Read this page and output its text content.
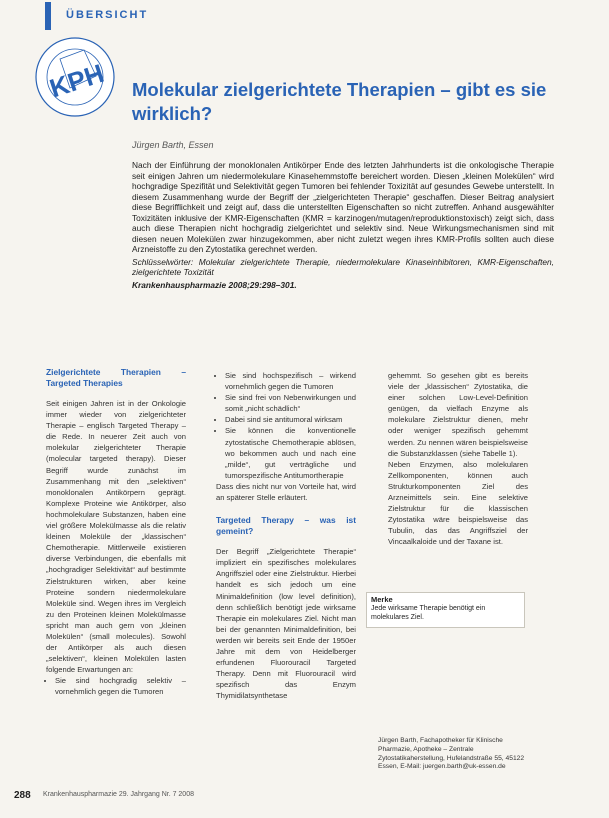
ÜBERSICHT
KPH Molekular zielgerichtete Therapien – gibt es sie wirklich?
Jürgen Barth, Essen

Nach der Einführung der monoklonalen Antikörper Ende des letzten Jahrhunderts ist die onkologische Therapie seit einigen Jahren um niedermolekulare Kinasehemmstoffe bereichert worden. Diesen „kleinen Molekülen“ wird hochgradige Spezifität und Selektivität gegen Tumoren bei fehlender Toxizität auf gesundes Gewebe unterstellt. In diesem Zusammenhang wurde der Begriff der „zielgerichteten Therapie“ geschaffen. Dieser Beitrag analysiert diese Begrifflichkeit und zeigt auf, dass die unterstellten Eigenschaften so nicht zutreffen. Anhand ausgewählter Toxizitäten inklusive der KMR-Eigenschaften (KMR = karzinogen/mutagen/reproduktionstoxisch) zeigt sich, dass auch diese Therapien nicht hochgradig zielgerichtet und selektiv sind. Neue Wirkungsmechanismen sind mit diesen neuen Molekülen zwar hinzugekommen, aber nicht zuletzt wegen ihres KMR-Profils sollten auch diese Arzneistoffe zu den Zytostatika gerechnet werden.

Schlüsselwörter: Molekular zielgerichtete Therapie, niedermolekulare Kinaseinhibitoren, KMR-Eigenschaften, zielgerichtete Toxizität

Krankenhauspharmazie 2008;29:298–301.

Zielgerichtete Therapien – Targeted Therapies

Seit einigen Jahren ist in der Onkologie immer wieder von zielgerichteter Therapie – englisch Targeted Therapy – die Rede. In neuerer Zeit auch von molekular zielgerichteter Therapie (molecular targeted therapy). Dieser Begriff wurde zunächst im Zusammenhang mit den „selektiven“ monoklonalen Antikörpern geprägt. Komplexe Proteine wie Antikörper, also hochmolekulare Substanzen, haben eine viel größere Molekülmasse als die relativ kleinen Moleküle der „klassischen“ Chemotherapie. Mittlerweile existieren diverse Verbindungen, die ebenfalls mit „hochgradiger Selektivität“ auf bestimmte Zielstrukturen wirken, aber keine Proteine sondern niedermolekulare Moleküle sind. Wegen ihres im Vergleich zu den Proteinen kleinen Molekülmasse spricht man auch gern von „kleinen Molekülen“ (small molecules). Sowohl der Antikörper als auch diesen „selektiven“, kleinen Molekülen lasten folgende Erwartungen an:

• Sie sind hochgradig selektiv – vornehmlich gegen die Tumoren
• Sie sind hochspezifisch – wirkend vornehmlich gegen die Tumoren
• Sie sind frei von Nebenwirkungen und somit „nicht schädlich“
• Dabei sind sie antitumoral wirksam
• Sie können die konventionelle zytostatische Chemotherapie ablösen, wo bekommen auch und nach eine „milde“, gut verträgliche und tumorspezifische Antitumortherapie

Dass dies nicht nur von Vorteile hat, wird an späterer Stelle erläutert.

Targeted Therapy – was ist gemeint?

Der Begriff „Zielgerichtete Therapie“ impliziert ein spezifisches molekulares Angriffsziel oder eine Zielstruktur. Hierbei handelt es sich jedoch um eine Minimaldefinition (low level definition), denn schließlich benötigt jede wirksame Therapie ein molekulares Ziel. Nicht man bei der genannten Minimaldefinition, bei werden wir bereits seit Ende der 1950er Jahre mit dem von Heidelberger erfundenen Fluorouracil Targeted Therapy. Denn mit Fluorouracil wird spezifisch das Enzym Thymidilatsynthetase

gehemmt. So gesehen gibt es bereits viele der „klassischen“ Zytostatika, die einer solchen Low-Level-Definition genügen, da vielfach Enzyme als molekulare Zielstruktur dienen, mehr oder weniger spezifisch gehemmt werden. Zu nennen wären beispielsweise die Substanzklassen (siehe Tabelle 1).

Neben Enzymen, also molekularen Zellkomponenten, können auch Strukturkomponenten Ziel des Arzneimittels sein. Eine selektive Zielstruktur für die klassischen Zytostatika wäre beispielsweise das Tubulin, das das Angriffsziel der Vincaalkaloide und der Taxane ist.

Merke
Jede wirksame Therapie benötigt ein molekulares Ziel.
Jürgen Barth, Fachapotheker für Klinische Pharmazie, Apotheke – Zentrale Zytostatikaherstellung, Hufelandstraße 55, 45122 Essen, E-Mail: juergen.barth@uk-essen.de
288 Krankenhauspharmazie 29. Jahrgang Nr. 7 2008
